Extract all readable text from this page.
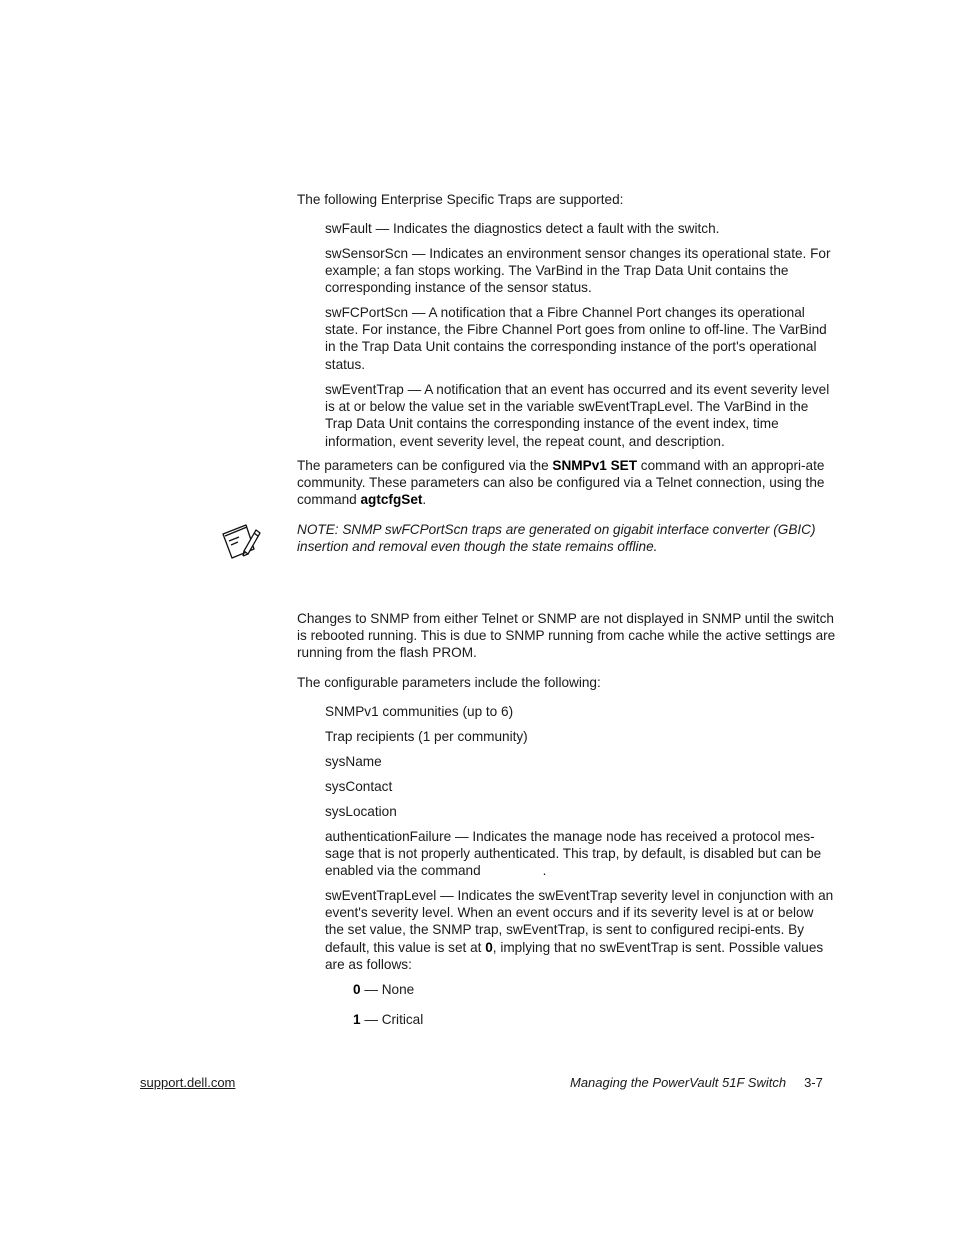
The following Enterprise Specific Traps are supported:

swFault — Indicates the diagnostics detect a fault with the switch.

swSensorScn — Indicates an environment sensor changes its operational state. For example; a fan stops working. The VarBind in the Trap Data Unit contains the corresponding instance of the sensor status.

swFCPortScn — A notification that a Fibre Channel Port changes its operational state. For instance, the Fibre Channel Port goes from online to off-line. The VarBind in the Trap Data Unit contains the corresponding instance of the port's operational status.

swEventTrap — A notification that an event has occurred and its event severity level is at or below the value set in the variable swEventTrapLevel. The VarBind in the Trap Data Unit contains the corresponding instance of the event index, time information, event severity level, the repeat count, and description.

The parameters can be configured via the SNMPv1 SET command with an appropri-ate community. These parameters can also be configured via a Telnet connection, using the command agtcfgSet.

NOTE: SNMP swFCPortScn traps are generated on gigabit interface converter (GBIC) insertion and removal even though the state remains offline.

Changes to SNMP from either Telnet or SNMP are not displayed in SNMP until the switch is rebooted running. This is due to SNMP running from cache while the active settings are running from the flash PROM.

The configurable parameters include the following:

SNMPv1 communities (up to 6)

Trap recipients (1 per community)

sysName

sysContact

sysLocation

authenticationFailure — Indicates the manage node has received a protocol mes-sage that is not properly authenticated. This trap, by default, is disabled but can be enabled via the command	.

swEventTrapLevel — Indicates the swEventTrap severity level in conjunction with an event's severity level. When an event occurs and if its severity level is at or below the set value, the SNMP trap, swEventTrap, is sent to configured recipi-ents. By default, this value is set at 0, implying that no swEventTrap is sent. Possible values are as follows:

0 — None

1 — Critical

support.dell.com	Managing the PowerVault 51F Switch 3-7
